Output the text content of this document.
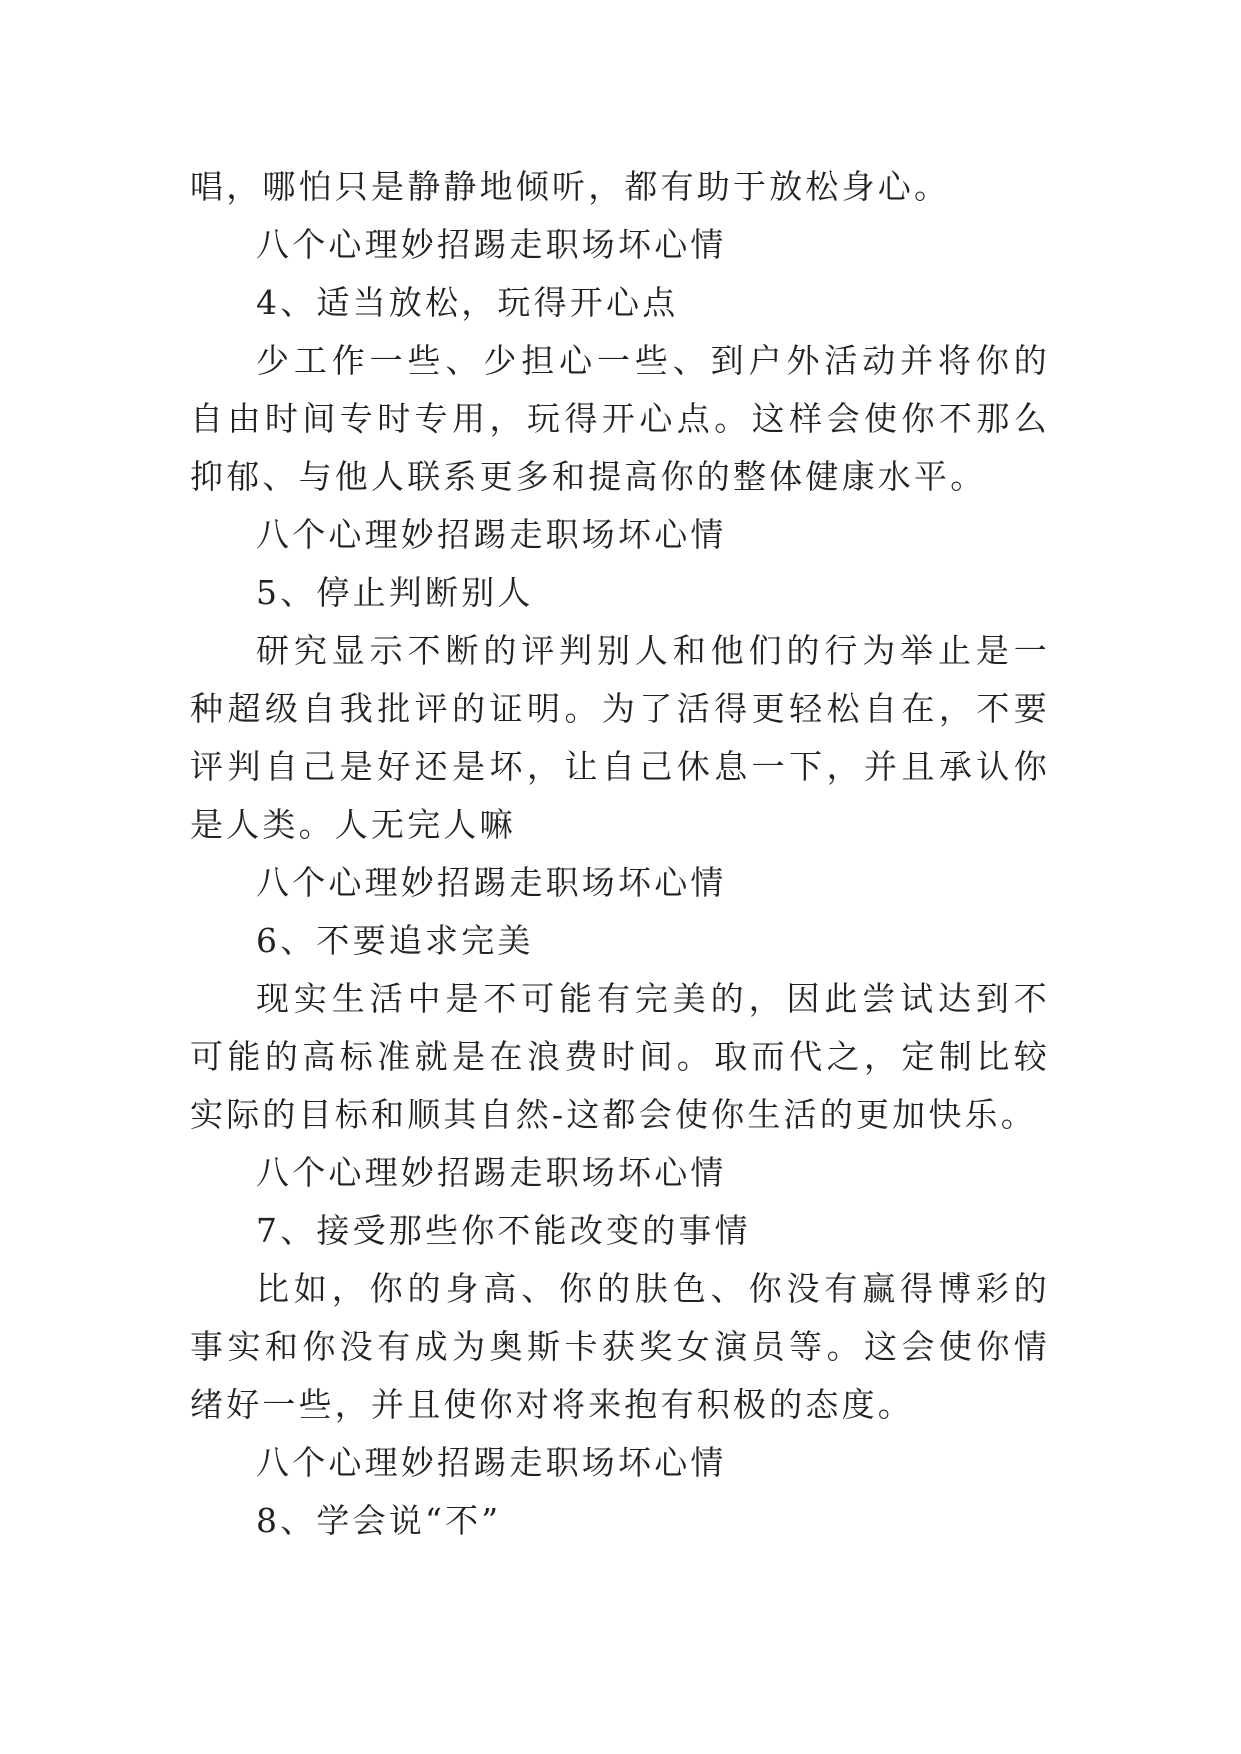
唱，哪怕只是静静地倾听，都有助于放松身心。

八个心理妙招踢走职场坏心情

4、适当放松，玩得开心点

少工作一些、少担心一些、到户外活动并将你的自由时间专时专用，玩得开心点。这样会使你不那么抑郁、与他人联系更多和提高你的整体健康水平。

八个心理妙招踢走职场坏心情

5、停止判断别人

研究显示不断的评判别人和他们的行为举止是一种超级自我批评的证明。为了活得更轻松自在，不要评判自己是好还是坏，让自己休息一下，并且承认你是人类。人无完人嘛

八个心理妙招踢走职场坏心情

6、不要追求完美

现实生活中是不可能有完美的，因此尝试达到不可能的高标准就是在浪费时间。取而代之，定制比较实际的目标和顺其自然-这都会使你生活的更加快乐。

八个心理妙招踢走职场坏心情

7、接受那些你不能改变的事情

比如，你的身高、你的肤色、你没有赢得博彩的事实和你没有成为奥斯卡获奖女演员等。这会使你情绪好一些，并且使你对将来抱有积极的态度。

八个心理妙招踢走职场坏心情

8、学会说“不”
